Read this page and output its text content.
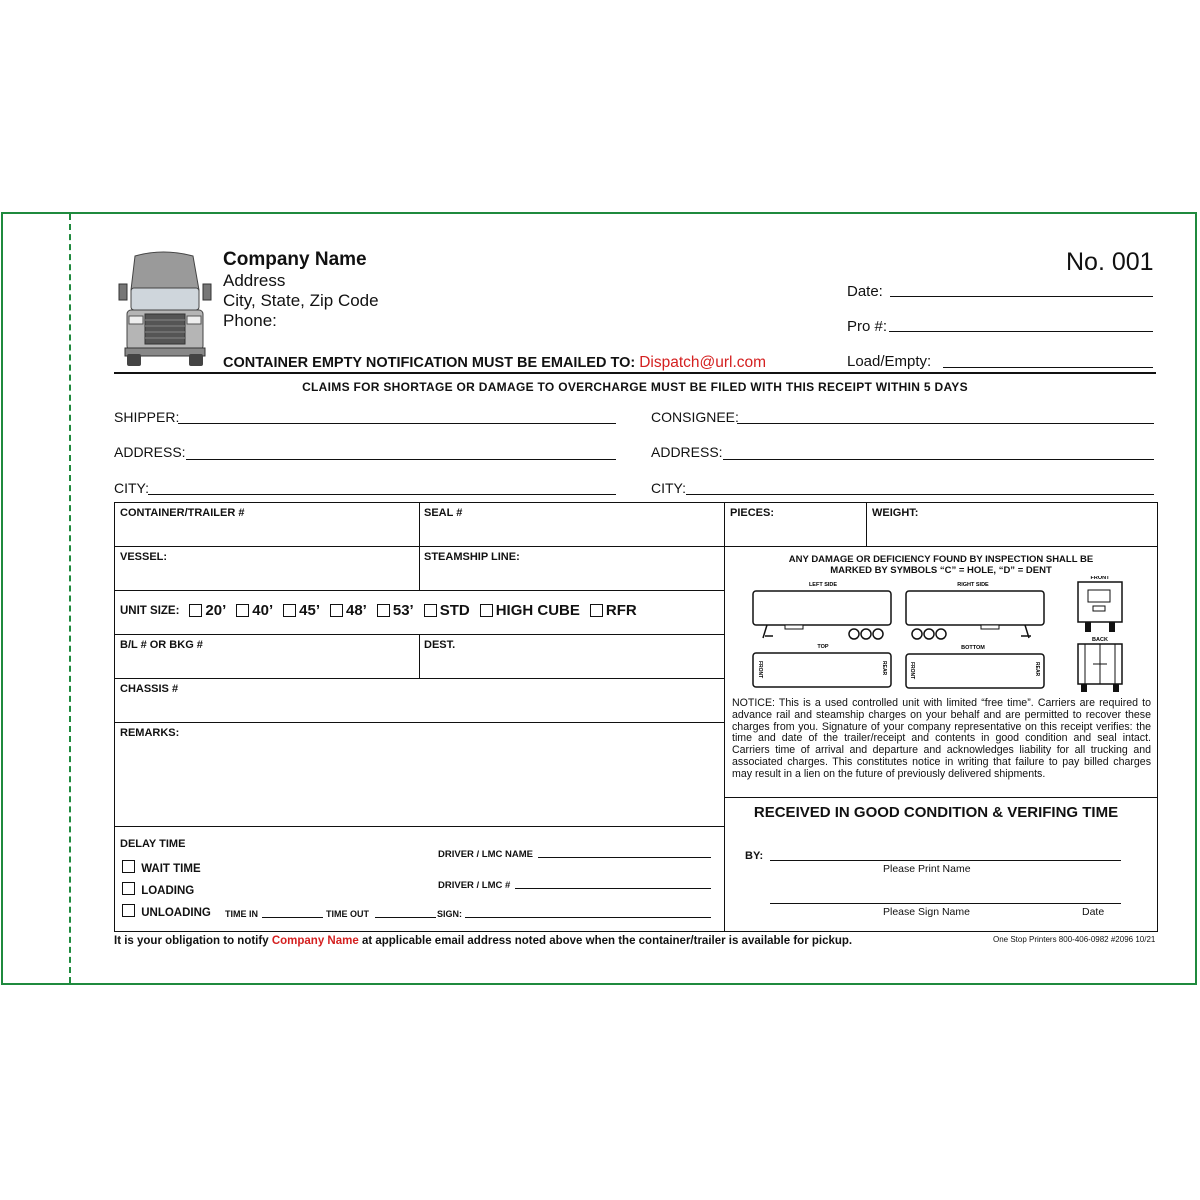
Company Name
Address
City, State, Zip Code
Phone:
CONTAINER EMPTY NOTIFICATION MUST BE EMAILED TO: Dispatch@url.com
No. 001
Date:
Pro #:
Load/Empty:
CLAIMS FOR SHORTAGE OR DAMAGE TO OVERCHARGE MUST BE FILED WITH THIS RECEIPT WITHIN 5 DAYS
SHIPPER:
ADDRESS:
CITY:
CONSIGNEE:
ADDRESS:
CITY:
CONTAINER/TRAILER #	SEAL #	PIECES:	WEIGHT:
VESSEL:	STEAMSHIP LINE:
UNIT SIZE: 20’ 40’ 45’ 48’ 53’ STD HIGH CUBE RFR
B/L # OR BKG #	DEST.
CHASSIS #
REMARKS:
ANY DAMAGE OR DEFICIENCY FOUND BY INSPECTION SHALL BE
MARKED BY SYMBOLS “C” = HOLE, “D” = DENT
LEFT SIDE	RIGHT SIDE
FRONT
BACK
TOP	BOTTOM
FRONT	REAR	FRONT	REAR
NOTICE: This is a used controlled unit with limited “free time”. Carriers are required to advance rail and steamship charges on your behalf and are permitted to recover these charges from you. Signature of your company representative on this receipt verifies: the time and date of the trailer/receipt and contents in good condition and seal intact. Carriers time of arrival and departure and acknowledges liability for all trucking and associated charges. This constitutes notice in writing that failure to pay billed charges may result in a lien on the future of previously delivered shipments.
RECEIVED IN GOOD CONDITION & VERIFING TIME
BY:
Please Print Name
Please Sign Name	Date
DELAY TIME
WAIT TIME
LOADING
UNLOADING TIME IN	TIME OUT	SIGN:
DRIVER / LMC NAME
DRIVER / LMC #
It is your obligation to notify Company Name at applicable email address noted above when the container/trailer is available for pickup.	One Stop Printers 800-406-0982 #2096 10/21
